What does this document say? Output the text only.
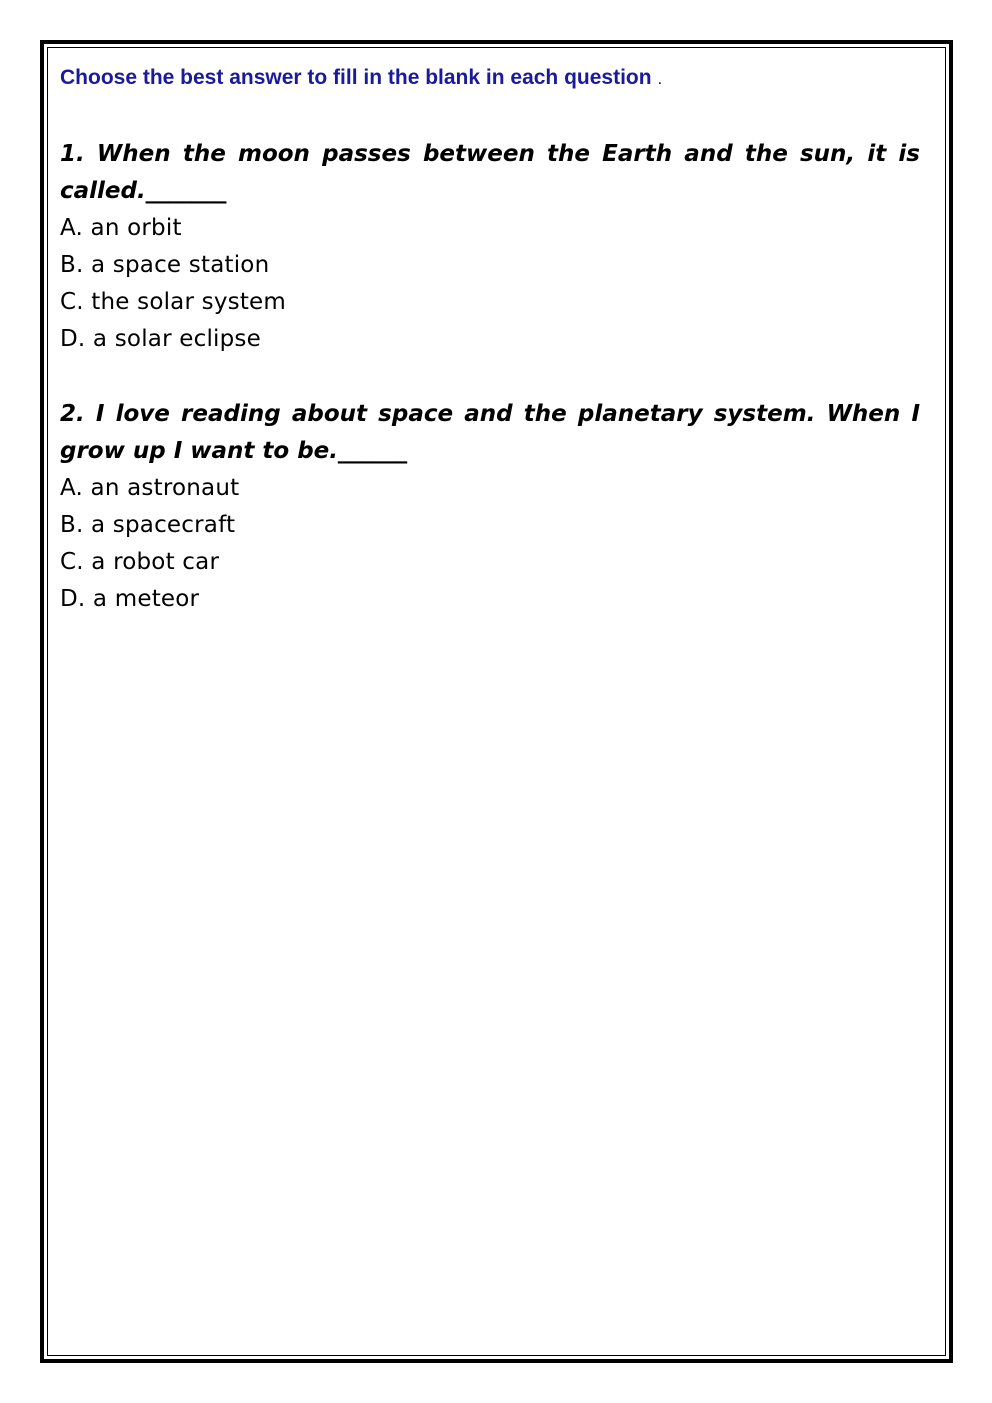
Choose the best answer to fill in the blank in each question .

1. When the moon passes between the Earth and the sun, it is called._______

A. an orbit
B. a space station
C. the solar system
D. a solar eclipse

2. I love reading about space and the planetary system. When I grow up I want to be.______

A. an astronaut
B. a spacecraft
C. a robot car
D. a meteor
